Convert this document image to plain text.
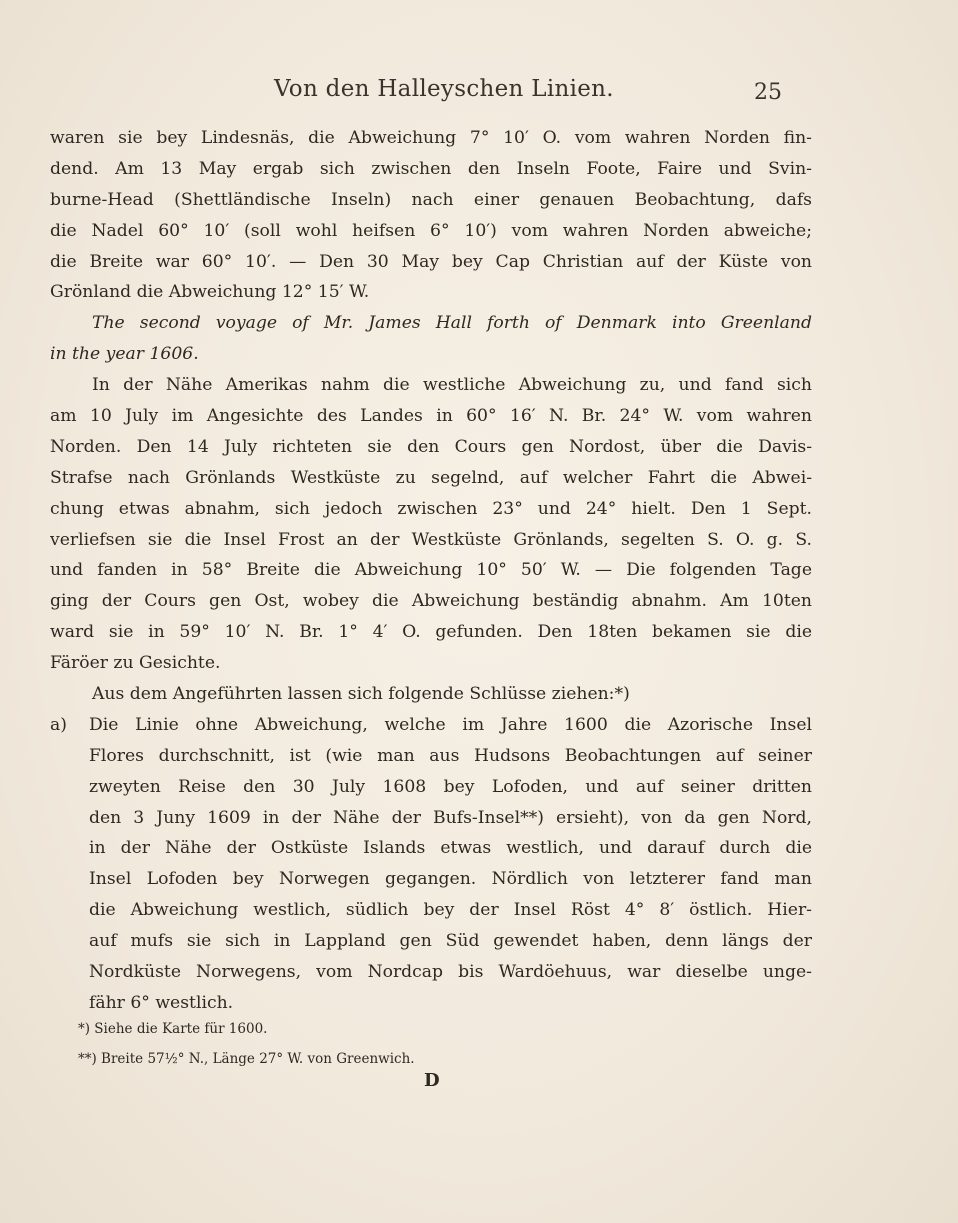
Von den Halleyschen Linien.	25
waren sie bey Lindesnäs, die Abweichung 7° 10′ O. vom wahren Norden fin-
dend. Am 13 May ergab sich zwischen den Inseln Foote, Faire und Svin-
burne-Head (Shettländische Inseln) nach einer genauen Beobachtung, dafs
die Nadel 60° 10′ (soll wohl heifsen 6° 10′) vom wahren Norden abweiche;
die Breite war 60° 10′. — Den 30 May bey Cap Christian auf der Küste von
Grönland die Abweichung 12° 15′ W.
The second voyage of Mr. James Hall forth of Denmark into Greenland
in the year 1606.
In der Nähe Amerikas nahm die westliche Abweichung zu, und fand sich
am 10 July im Angesichte des Landes in 60° 16′ N. Br. 24° W. vom wahren
Norden. Den 14 July richteten sie den Cours gen Nordost, über die Davis-
Strafse nach Grönlands Westküste zu segelnd, auf welcher Fahrt die Abwei-
chung etwas abnahm, sich jedoch zwischen 23° und 24° hielt. Den 1 Sept.
verliefsen sie die Insel Frost an der Westküste Grönlands, segelten S. O. g. S.
und fanden in 58° Breite die Abweichung 10° 50′ W. — Die folgenden Tage
ging der Cours gen Ost, wobey die Abweichung beständig abnahm. Am 10ten
ward sie in 59° 10′ N. Br. 1° 4′ O. gefunden. Den 18ten bekamen sie die
Färöer zu Gesichte.
Aus dem Angeführten lassen sich folgende Schlüsse ziehen:*)
a) Die Linie ohne Abweichung, welche im Jahre 1600 die Azorische Insel
Flores durchschnitt, ist (wie man aus Hudsons Beobachtungen auf seiner
zweyten Reise den 30 July 1608 bey Lofoden, und auf seiner dritten
den 3 Juny 1609 in der Nähe der Bufs-Insel**) ersieht), von da gen Nord,
in der Nähe der Ostküste Islands etwas westlich, und darauf durch die
Insel Lofoden bey Norwegen gegangen. Nördlich von letzterer fand man
die Abweichung westlich, südlich bey der Insel Röst 4° 8′ östlich. Hier-
auf mufs sie sich in Lappland gen Süd gewendet haben, denn längs der
Nordküste Norwegens, vom Nordcap bis Wardöehuus, war dieselbe unge-
fähr 6° westlich.
*) Siehe die Karte für 1600.
**) Breite 57½° N., Länge 27° W. von Greenwich.
D
